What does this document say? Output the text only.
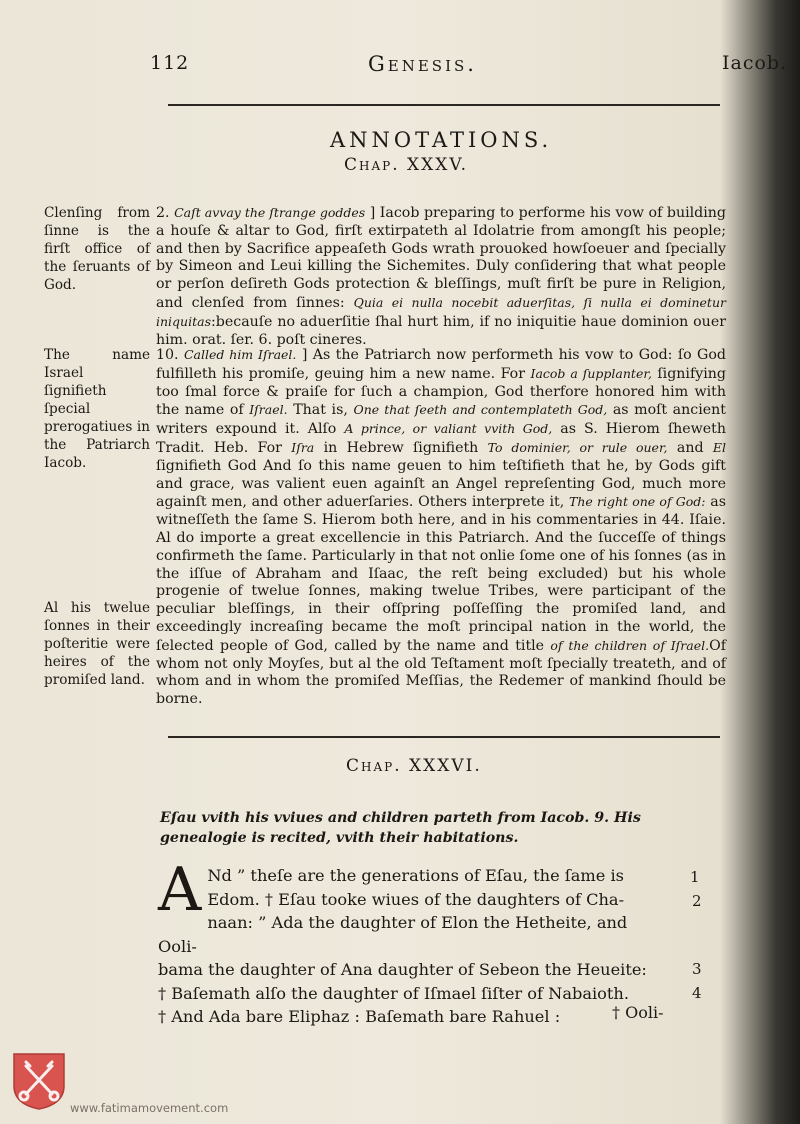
112	Genesis.	Iacob.
ANNOTATIONS.
Chap. XXXV.
Clenſing from ſinne is the firſt office of the ſeruants of God.
The name Israel ſignifieth ſpecial prerogatiues in the Patriarch Iacob.
Al his twelue ſonnes in their poſteritie were heires of the promiſed land.
2. Caſt avvay the ſtrange goddes ] Iacob preparing to performe his vow of building a houſe & altar to God, firſt extirpateth al Idolatrie from amongſt his people; and then by Sacrifice appeaſeth Gods wrath prouoked howſoeuer and ſpecially by Simeon and Leui killing the Sichemites. Duly conſidering that what people or perſon deſireth Gods protection & bleſſings, muſt firſt be pure in Religion, and clenſed from ſinnes: Quia ei nulla nocebit aduerſitas, ſi nulla ei dominetur iniquitas:becauſe no aduerſitie ſhal hurt him, if no iniquitie haue dominion ouer him. orat. ſer. 6. poſt cineres.
10. Called him Iſrael. ] As the Patriarch now performeth his vow to God: ſo God fulfilleth his promiſe, geuing him a new name. For Iacob a ſupplanter, ſignifying too ſmal force & praiſe for ſuch a champion, God therfore honored him with the name of Iſrael. That is, One that ſeeth and contemplateth God, as moſt ancient writers expound it. Alſo A prince, or valiant vvith God, as S. Hierom ſheweth Tradit. Heb. For Iſra in Hebrew ſignifieth To dominier, or rule ouer, and El ſignifieth God And ſo this name geuen to him teſtifieth that he, by Gods gift and grace, was valient euen againſt an Angel repreſenting God, much more againſt men, and other aduerſaries. Others interprete it, The right one of God: as witneſſeth the ſame S. Hierom both here, and in his commentaries in 44. Iſaie. Al do importe a great excellencie in this Patriarch. And the ſucceſſe of things confirmeth the ſame. Particularly in that not onlie ſome one of his ſonnes (as in the iſſue of Abraham and Iſaac, the reſt being excluded) but his whole progenie of twelue ſonnes, making twelue Tribes, were participant of the peculiar bleſſings, in their ofſpring poſſeſſing the promiſed land, and exceedingly increaſing became the moſt principal nation in the world, the ſelected people of God, called by the name and title of the children of Iſrael.Of whom not only Moyſes, but al the old Teſtament moſt ſpecially treateth, and of whom and in whom the promiſed Meſſias, the Redemer of mankind ſhould be borne.
Chap. XXXVI.
Eſau vvith his vviues and children parteth from Iacob. 9. His genealogie is recited, vvith their habitations.
A Nd ” theſe are the generations of Eſau, the ſame is
Edom. † Eſau tooke wiues of the daughters of Cha-
naan: ” Ada the daughter of Elon the Hetheite, and Ooli-
bama the daughter of Ana daughter of Sebeon the Heueite:
† Baſemath alſo the daughter of Iſmael ſiſter of Nabaioth.
† And Ada bare Eliphaz : Baſemath bare Rahuel :
1
2
3
4
† Ooli-
www.fatimamovement.com
